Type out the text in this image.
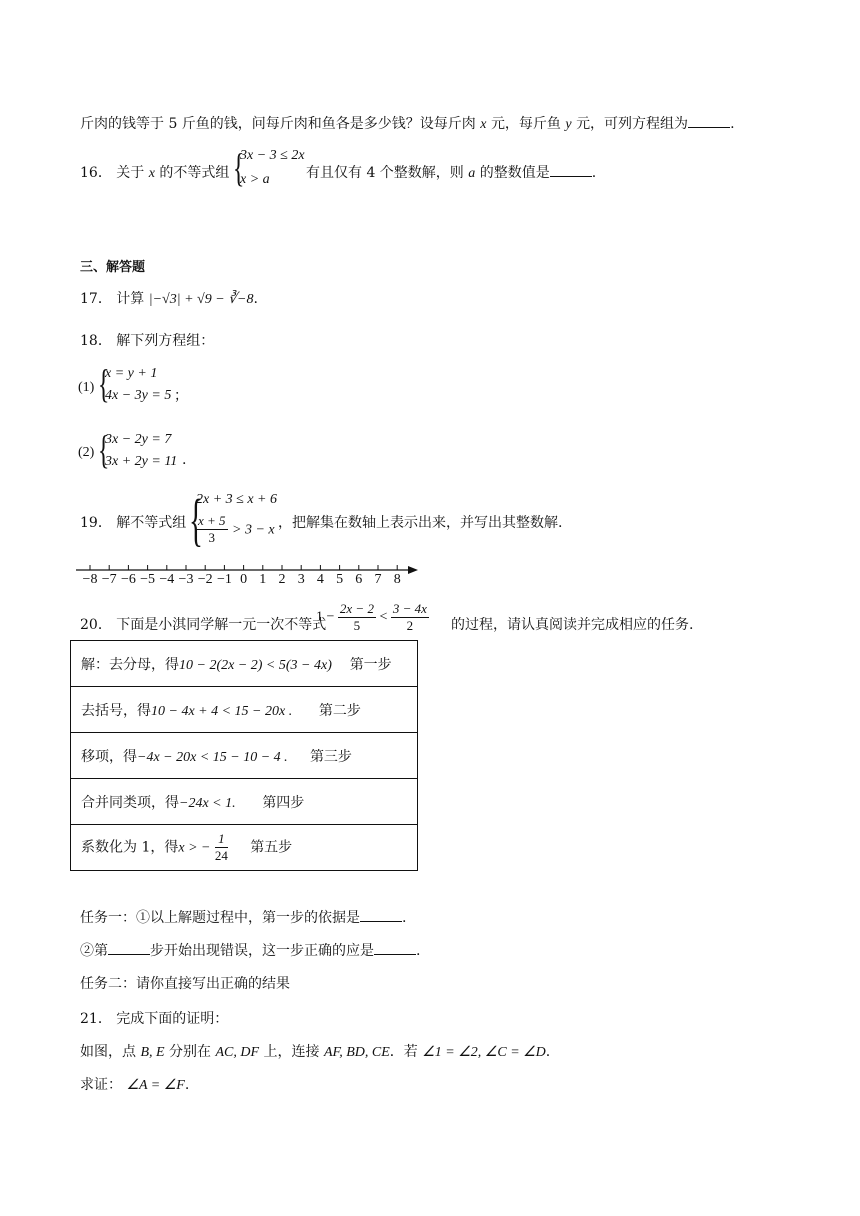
斤肉的钱等于 5 斤鱼的钱，问每斤肉和鱼各是多少钱？设每斤肉 x 元，每斤鱼 y 元，可列方程组为	.
16． 关于 x 的不等式组 {
3x − 3 ≤ 2x
x > a	有且仅有 4 个整数解，则 a 的整数值是	.
三、解答题
17． 计算 |−√3| + √9 − ∛−8.
18． 解下列方程组：
(1) {
x = y + 1
4x − 3y = 5 ；
(2) {
3x − 2y = 7
3x + 2y = 11 .
19． 解不等式组 {
2x + 3 ≤ x + 6
$\frac{x + 5}{3} > 3 - x$ ，把解集在数轴上表示出来，并写出其整数解.
−8 −7 −6 −5 −4 −3 −2 −1 0 1 2 3 4 5 6 7 8
20． 下面是小淇同学解一元一次不等式
$1 - \frac{2x - 2}{5} < \frac{3 - 4x}{2}$ 的过程，请认真阅读并完成相应的任务.
解：去分母，得10 − 2(2x − 2) < 5(3 − 4x) 第一步
去括号，得10 − 4x + 4 < 15 − 20x . 第二步
移项，得−4x − 20x < 15 − 10 − 4 . 第三步
合并同类项，得−24x < 1. 第四步
系数化为 1，得x > − $\frac{1}{24}$ 第五步
任务一：①以上解题过程中，第一步的依据是	.
②第	步开始出现错误，这一步正确的应是	.
任务二：请你直接写出正确的结果
21． 完成下面的证明：
如图，点 B, E 分别在 AC, DF 上，连接 AF, BD, CE．若 ∠1 = ∠2, ∠C = ∠D.
求证： ∠A = ∠F.
